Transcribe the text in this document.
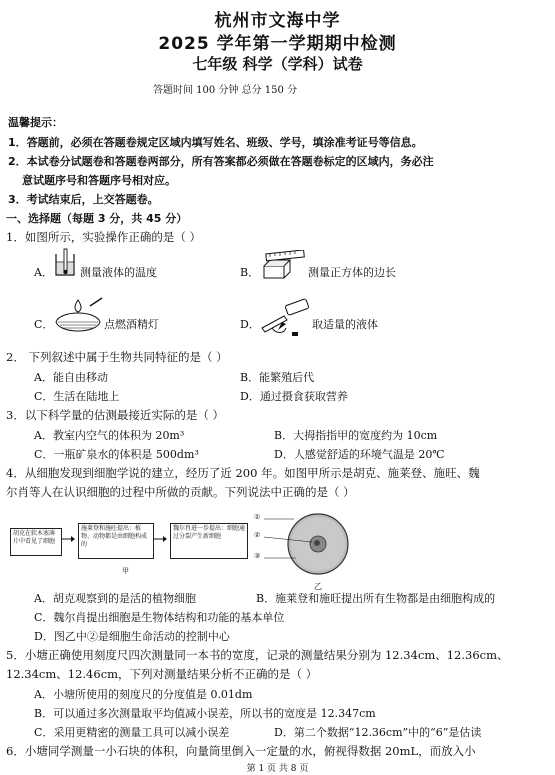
杭州市文海中学
2025 学年第一学期期中检测
七年级 科学（学科）试卷
答题时间 100 分钟 总分 150 分
温馨提示：
1．答题前，必须在答题卷规定区域内填写姓名、班级、学号，填涂准考证号等信息。
2．本试卷分试题卷和答题卷两部分，所有答案都必须做在答题卷标定的区域内，务必注
意试题序号和答题序号相对应。
3．考试结束后，上交答题卷。
一、选择题（每题 3 分，共 45 分）
1．如图所示，实验操作正确的是（ ）
A． 测量液体的温度	B．	测量正方体的边长
C．	点燃酒精灯	D．	取适量的液体
2． 下列叙述中属于生物共同特征的是（ ）
A．能自由移动	B．能繁殖后代
C．生活在陆地上	D．通过摄食获取营养
3．以下科学量的估测最接近实际的是（ ）
A．教室内空气的体积为 20m³	B．大拇指指甲的宽度约为 10cm
C．一瓶矿泉水的体积是 500dm³	D．人感觉舒适的环境气温是 20℃
4．从细胞发现到细胞学说的建立，经历了近 200 年。如图甲所示是胡克、施莱登、施旺、魏
尔肖等人在认识细胞的过程中所做的贡献。下列说法中正确的是（ ）
胡克在软木塞薄片中看见了细胞
施莱登和施旺提出：植物、动物都是由细胞构成的
魏尔肖进一步提出：细胞通过分裂产生新细胞
甲
①
②
③
乙
A．胡克观察到的是活的植物细胞	B．施莱登和施旺提出所有生物都是由细胞构成的
C．魏尔肖提出细胞是生物体结构和功能的基本单位
D．图乙中②是细胞生命活动的控制中心
5．小塘正确使用刻度尺四次测量同一本书的宽度，记录的测量结果分别为 12.34cm、12.36cm、
12.34cm、12.46cm，下列对测量结果分析不正确的是（ ）
A．小塘所使用的刻度尺的分度值是 0.01dm
B．可以通过多次测量取平均值减小误差，所以书的宽度是 12.347cm
C．采用更精密的测量工具可以减小误差	D．第二个数据“12.36cm”中的“6”是估读
6．小塘同学测量一小石块的体积，向量筒里倒入一定量的水，俯视得数据 20mL，而放入小
第 1 页 共 8 页
